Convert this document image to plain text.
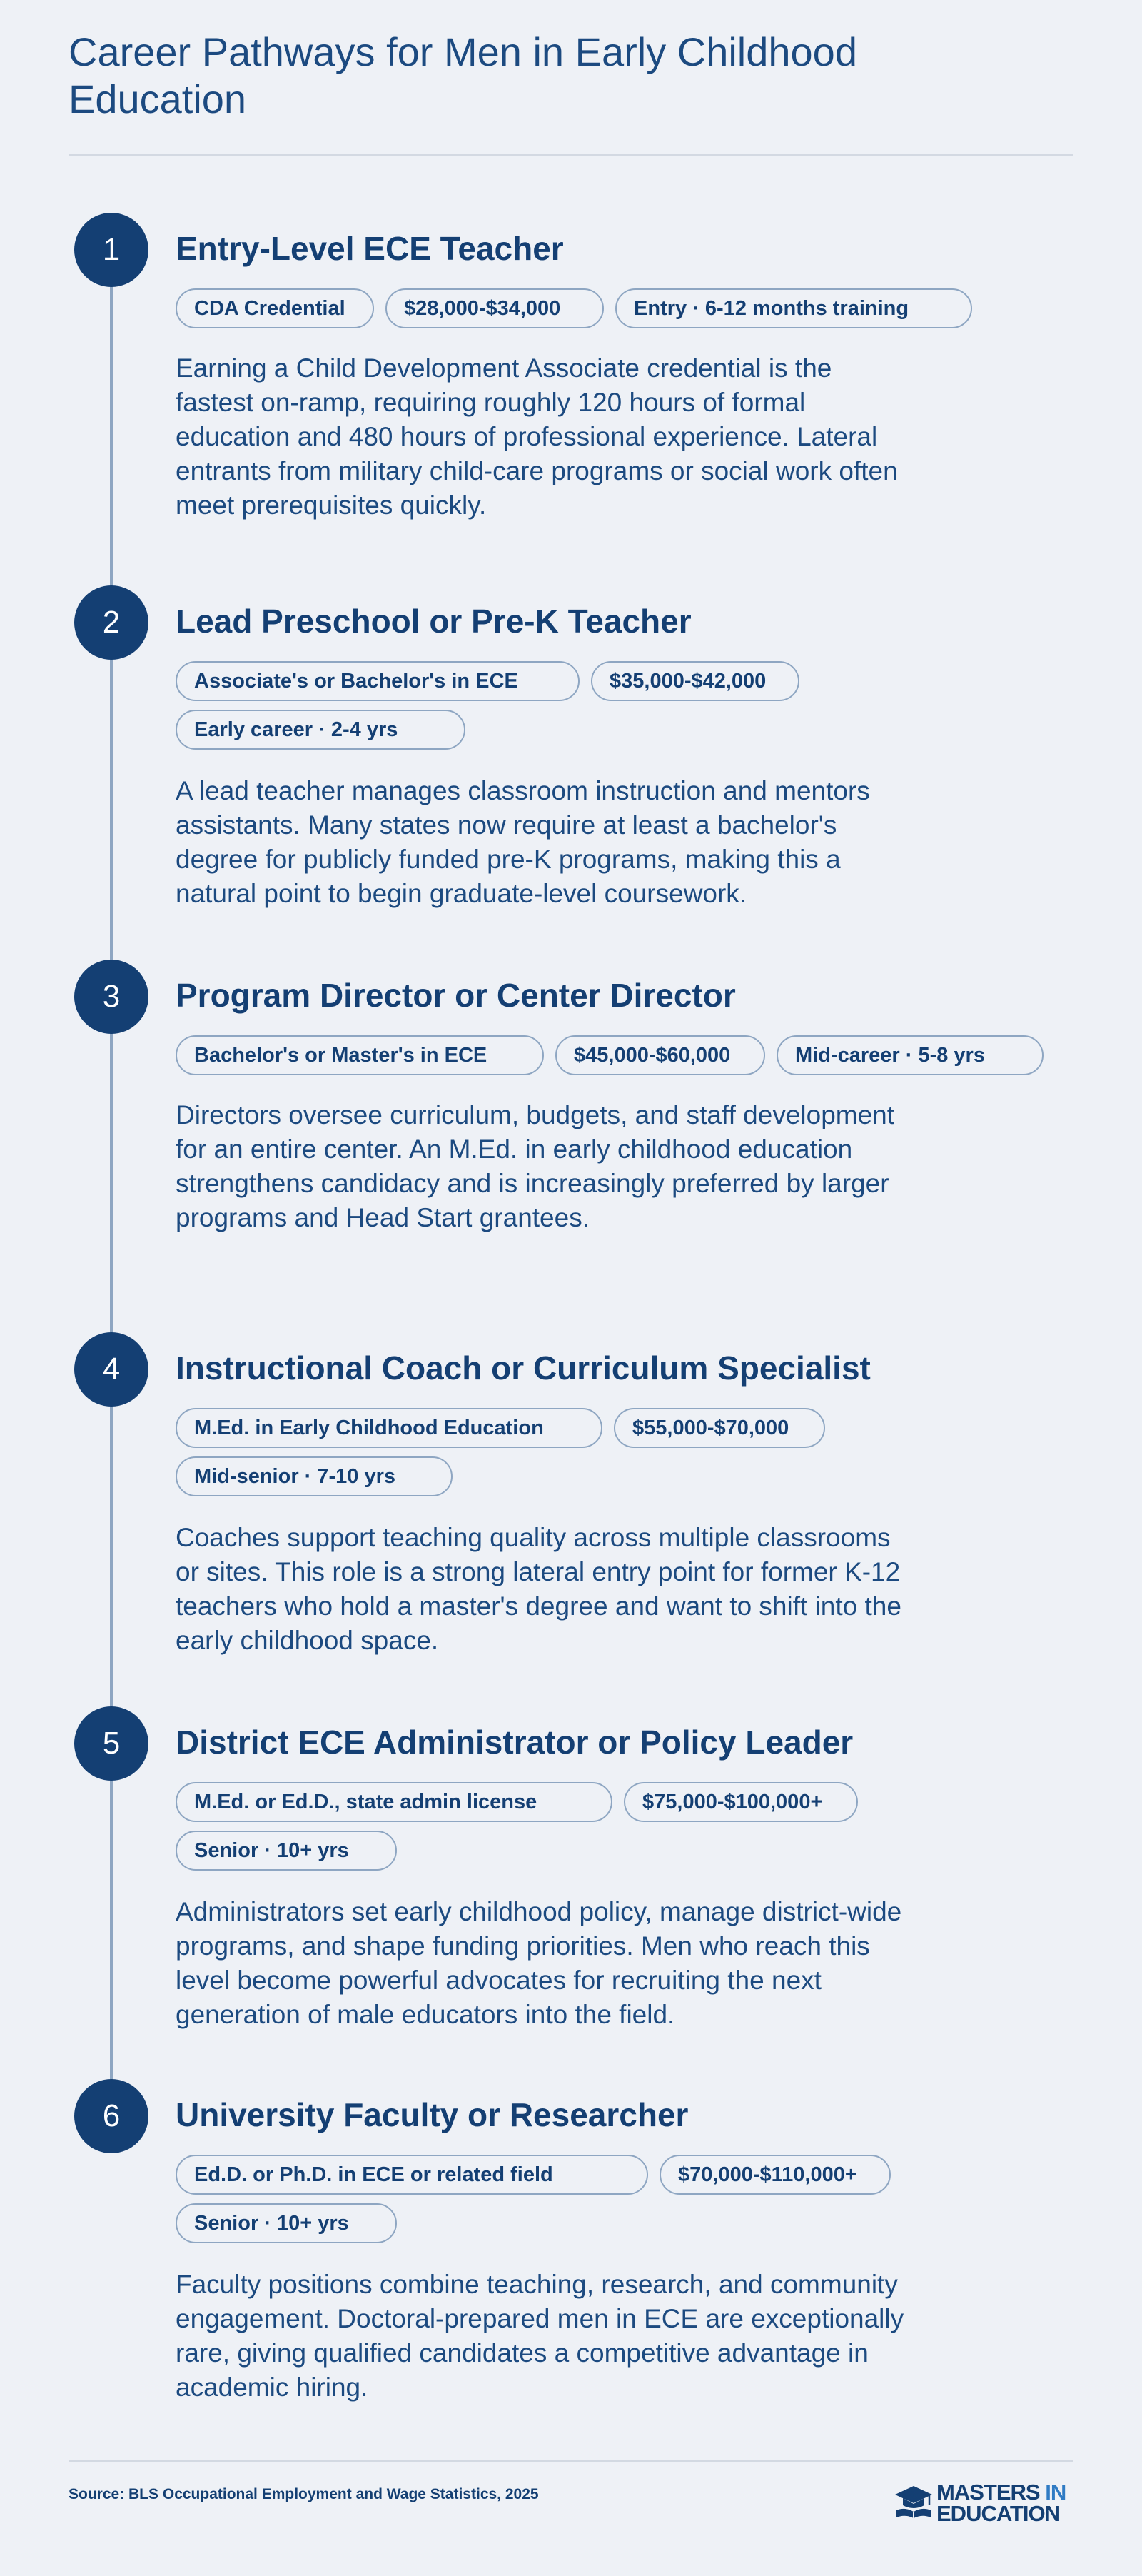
Career Pathways for Men in Early Childhood Education
1	Entry-Level ECE Teacher
CDA Credential	$28,000-$34,000	Entry · 6-12 months training

Earning a Child Development Associate credential is the fastest on-ramp, requiring roughly 120 hours of formal education and 480 hours of professional experience. Lateral entrants from military child-care programs or social work often meet prerequisites quickly.

2	Lead Preschool or Pre-K Teacher
Associate's or Bachelor's in ECE	$35,000-$42,000
Early career · 2-4 yrs

A lead teacher manages classroom instruction and mentors assistants. Many states now require at least a bachelor's degree for publicly funded pre-K programs, making this a natural point to begin graduate-level coursework.

3	Program Director or Center Director
Bachelor's or Master's in ECE	$45,000-$60,000	Mid-career · 5-8 yrs

Directors oversee curriculum, budgets, and staff development for an entire center. An M.Ed. in early childhood education strengthens candidacy and is increasingly preferred by larger programs and Head Start grantees.

4	Instructional Coach or Curriculum Specialist
M.Ed. in Early Childhood Education	$55,000-$70,000
Mid-senior · 7-10 yrs

Coaches support teaching quality across multiple classrooms or sites. This role is a strong lateral entry point for former K-12 teachers who hold a master's degree and want to shift into the early childhood space.

5	District ECE Administrator or Policy Leader
M.Ed. or Ed.D., state admin license	$75,000-$100,000+
Senior · 10+ yrs

Administrators set early childhood policy, manage district-wide programs, and shape funding priorities. Men who reach this level become powerful advocates for recruiting the next generation of male educators into the field.

6	University Faculty or Researcher
Ed.D. or Ph.D. in ECE or related field	$70,000-$110,000+
Senior · 10+ yrs

Faculty positions combine teaching, research, and community engagement. Doctoral-prepared men in ECE are exceptionally rare, giving qualified candidates a competitive advantage in academic hiring.

Source: BLS Occupational Employment and Wage Statistics, 2025	MASTERS IN
EDUCATION
